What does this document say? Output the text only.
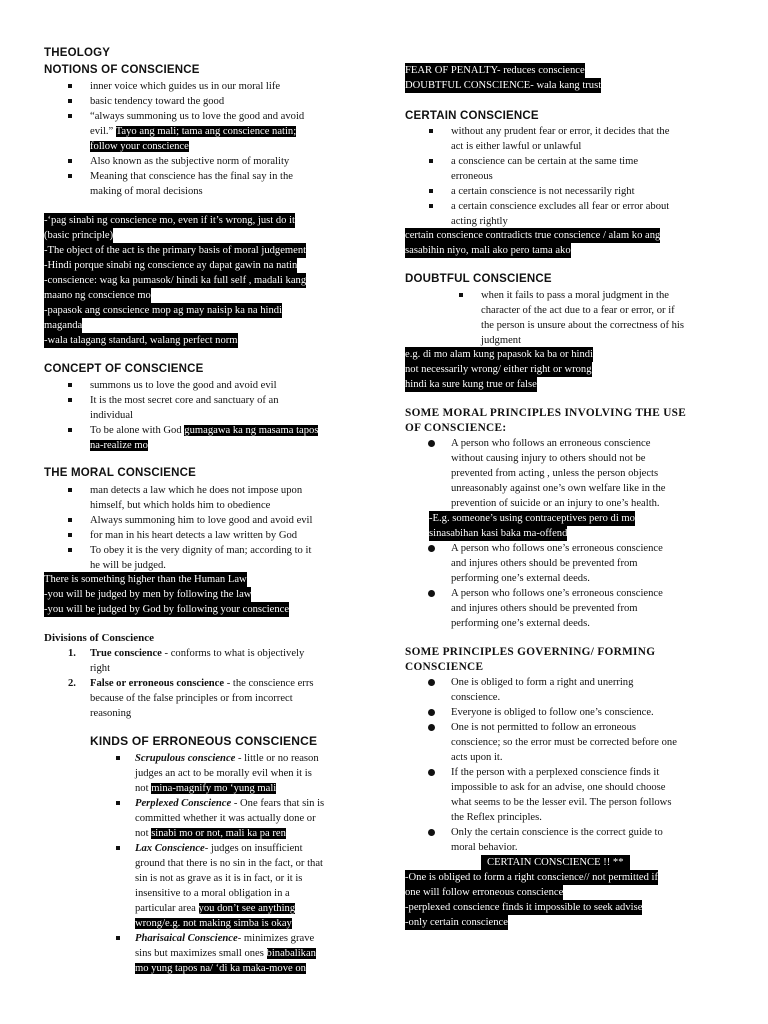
THEOLOGY
NOTIONS OF CONSCIENCE
inner voice which guides us in our moral life
basic tendency toward the good
“always summoning us to love the good and avoid
evil.” Tayo ang mali; tama ang conscience natin;
follow your conscience
Also known as the subjective norm of morality
Meaning that conscience has the final say in the
making of moral decisions
-‘pag sinabi ng conscience mo, even if it’s wrong, just do it
(basic principle)
-The object of the act is the primary basis of moral judgement
-Hindi porque sinabi ng conscience ay dapat gawin na natin
-conscience: wag ka pumasok/ hindi ka full self , madali kang
maano ng conscience mo
-papasok ang conscience mop ag may naisip ka na hindi
maganda
-wala talagang standard, walang perfect norm
CONCEPT OF CONSCIENCE
summons us to love the good and avoid evil
It is the most secret core and sanctuary of an
individual
To be alone with God gumagawa ka ng masama tapos
na-realize mo
THE MORAL CONSCIENCE
man detects a law which he does not impose upon
himself, but which holds him to obedience
Always summoning him to love good and avoid evil
for man in his heart detects a law written by God
To obey it is the very dignity of man; according to it
he will be judged.
There is something higher than the Human Law
-you will be judged by men by following the law
-you will be judged by God by following your conscience
Divisions of Conscience
1. True conscience - conforms to what is objectively
right
2. False or erroneous conscience - the conscience errs
because of the false principles or from incorrect
reasoning
KINDS OF ERRONEOUS CONSCIENCE
Scrupulous conscience - little or no reason
judges an act to be morally evil when it is
not mina-magnify mo ‘yung mali
Perplexed Conscience - One fears that sin is
committed whether it was actually done or
not sinabi mo or not, mali ka pa ren
Lax Conscience- judges on insufficient
ground that there is no sin in the fact, or that
sin is not as grave as it is in fact, or it is
insensitive to a moral obligation in a
particular area you don’t see anything
wrong/e.g. not making simba is okay
Pharisaical Conscience- minimizes grave
sins but maximizes small ones binabalikan
mo yung tapos na/ ‘di ka maka-move on
FEAR OF PENALTY- reduces conscience
DOUBTFUL CONSCIENCE- wala kang trust
CERTAIN CONSCIENCE
without any prudent fear or error, it decides that the
act is either lawful or unlawful
a conscience can be certain at the same time
erroneous
a certain conscience is not necessarily right
a certain conscience excludes all fear or error about
acting rightly
certain conscience contradicts true conscience / alam ko ang
sasabihin niyo, mali ako pero tama ako
DOUBTFUL CONSCIENCE
when it fails to pass a moral judgment in the
character of the act due to a fear or error, or if
the person is unsure about the correctness of his
judgment
e.g. di mo alam kung papasok ka ba or hindi
not necessarily wrong/ either right or wrong
hindi ka sure kung true or false
SOME MORAL PRINCIPLES INVOLVING THE USE
OF CONSCIENCE:
A person who follows an erroneous conscience
without causing injury to others should not be
prevented from acting , unless the person objects
unreasonably against one’s own welfare like in the
prevention of suicide or an injury to one’s health.
-E.g. someone’s using contraceptives pero di mo
sinasabihan kasi baka ma-offend
A person who follows one’s erroneous conscience
and injures others should be prevented from
performing one’s external deeds.
A person who follows one’s erroneous conscience
and injures others should be prevented from
performing one’s external deeds.
SOME PRINCIPLES GOVERNING/ FORMING
CONSCIENCE
One is obliged to form a right and unerring
conscience.
Everyone is obliged to follow one’s conscience.
One is not permitted to follow an erroneous
conscience; so the error must be corrected before one
acts upon it.
If the person with a perplexed conscience finds it
impossible to ask for an advise, one should choose
what seems to be the lesser evil. The person follows
the Reflex principles.
Only the certain conscience is the correct guide to
moral behavior.
CERTAIN CONSCIENCE !! **
-One is obliged to form a right conscience// not permitted if
one will follow erroneous conscience
-perplexed conscience finds it impossible to seek advise
-only certain conscience
